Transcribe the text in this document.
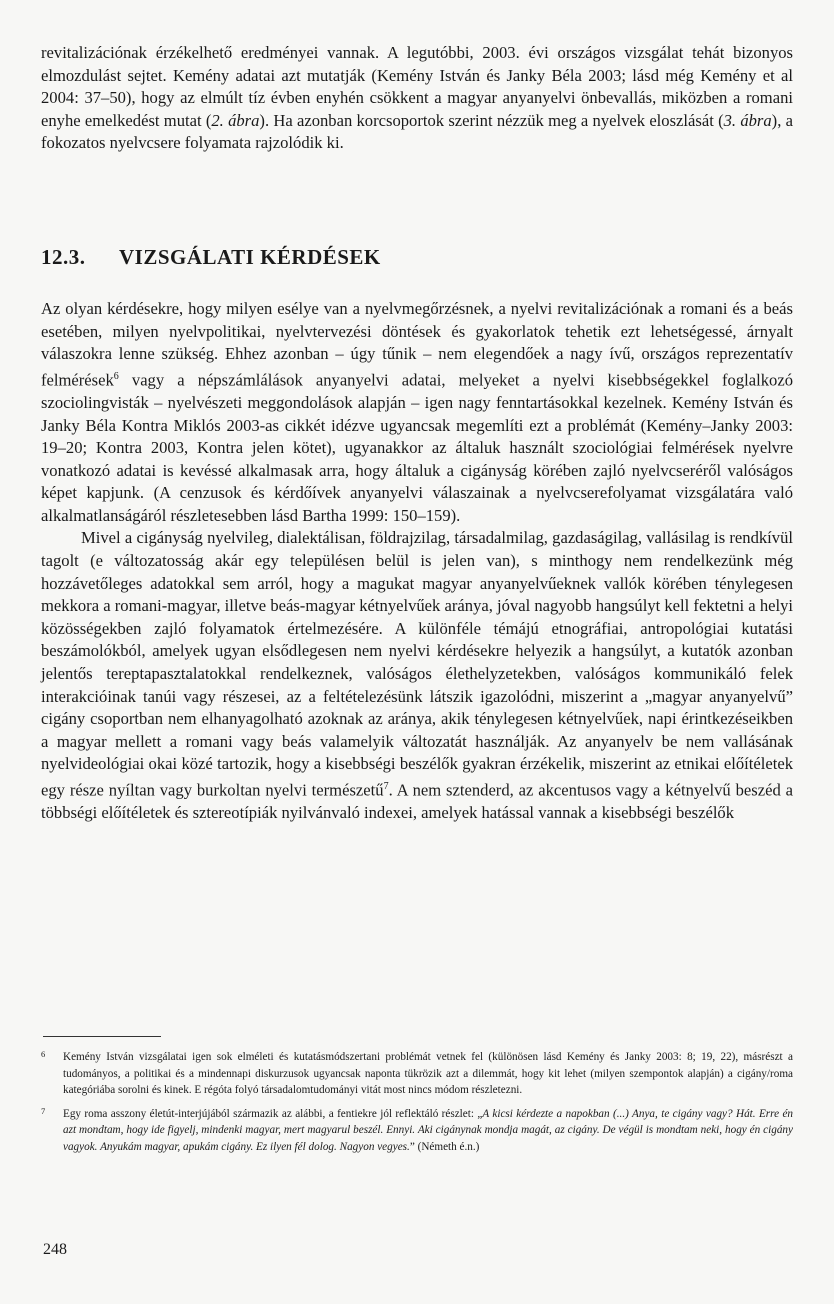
revitalizációnak érzékelhető eredményei vannak. A legutóbbi, 2003. évi országos vizsgálat tehát bizonyos elmozdulást sejtet. Kemény adatai azt mutatják (Kemény István és Janky Béla 2003; lásd még Kemény et al 2004: 37–50), hogy az elmúlt tíz évben enyhén csökkent a magyar anyanyelvi önbevallás, miközben a romani enyhe emelkedést mutat (2. ábra). Ha azonban korcsoportok szerint nézzük meg a nyelvek eloszlását (3. ábra), a fokozatos nyelvcsere folyamata rajzolódik ki.

12.3. VIZSGÁLATI KÉRDÉSEK

Az olyan kérdésekre, hogy milyen esélye van a nyelvmegőrzésnek, a nyelvi revitalizációnak a romani és a beás esetében, milyen nyelvpolitikai, nyelvtervezési döntések és gyakorlatok tehetik ezt lehetségessé, árnyalt válaszokra lenne szükség. Ehhez azonban – úgy tűnik – nem elegendőek a nagy ívű, országos reprezentatív felmérések$^6$ vagy a népszámlálások anyanyelvi adatai, melyeket a nyelvi kisebbségekkel foglalkozó szociolingvisták – nyelvészeti meggondolások alapján – igen nagy fenntartásokkal kezelnek. Kemény István és Janky Béla Kontra Miklós 2003-as cikkét idézve ugyancsak megemlíti ezt a problémát (Kemény–Janky 2003: 19–20; Kontra 2003, Kontra jelen kötet), ugyanakkor az általuk használt szociológiai felmérések nyelvre vonatkozó adatai is kevéssé alkalmasak arra, hogy általuk a cigányság körében zajló nyelvcseréről valóságos képet kapjunk. (A cenzusok és kérdőívek anyanyelvi válaszainak a nyelvcserefolyamat vizsgálatára való alkalmatlanságáról részletesebben lásd Bartha 1999: 150–159).

Mivel a cigányság nyelvileg, dialektálisan, földrajzilag, társadalmilag, gazdaságilag, vallásilag is rendkívül tagolt (e változatosság akár egy településen belül is jelen van), s minthogy nem rendelkezünk még hozzávetőleges adatokkal sem arról, hogy a magukat magyar anyanyelvűeknek vallók körében ténylegesen mekkora a romani-magyar, illetve beás-magyar kétnyelvűek aránya, jóval nagyobb hangsúlyt kell fektetni a helyi közösségekben zajló folyamatok értelmezésére. A különféle témájú etnográfiai, antropológiai kutatási beszámolókból, amelyek ugyan elsődlegesen nem nyelvi kérdésekre helyezik a hangsúlyt, a kutatók azonban jelentős tereptapasztalatokkal rendelkeznek, valóságos élethelyzetekben, valóságos kommunikáló felek interakcióinak tanúi vagy részesei, az a feltételezésünk látszik igazolódni, miszerint a „magyar anyanyelvű” cigány csoportban nem elhanyagolható azoknak az aránya, akik ténylegesen kétnyelvűek, napi érintkezéseikben a magyar mellett a romani vagy beás valamelyik változatát használják. Az anyanyelv be nem vallásának nyelvideológiai okai közé tartozik, hogy a kisebbségi beszélők gyakran érzékelik, miszerint az etnikai előítéletek egy része nyíltan vagy burkoltan nyelvi természetű$^7$. A nem sztenderd, az akcentusos vagy a kétnyelvű beszéd a többségi előítéletek és sztereotípiák nyilvánvaló indexei, amelyek hatással vannak a kisebbségi beszélők

6 Kemény István vizsgálatai igen sok elméleti és kutatásmódszertani problémát vetnek fel (különösen lásd Kemény és Janky 2003: 8; 19, 22), másrészt a tudományos, a politikai és a mindennapi diskurzusok ugyancsak naponta tükrözik azt a dilemmát, hogy kit lehet (milyen szempontok alapján) a cigány/roma kategóriába sorolni és kinek. E régóta folyó társadalomtudományi vitát most nincs módom részletezni.

7 Egy roma asszony életút-interjújából származik az alábbi, a fentiekre jól reflektáló részlet: „A kicsi kérdezte a napokban (...) Anya, te cigány vagy? Hát. Erre én azt mondtam, hogy ide figyelj, mindenki magyar, mert magyarul beszél. Ennyi. Aki cigánynak mondja magát, az cigány. De végül is mondtam neki, hogy én cigány vagyok. Anyukám magyar, apukám cigány. Ez ilyen fél dolog. Nagyon vegyes.” (Németh é.n.)

248
